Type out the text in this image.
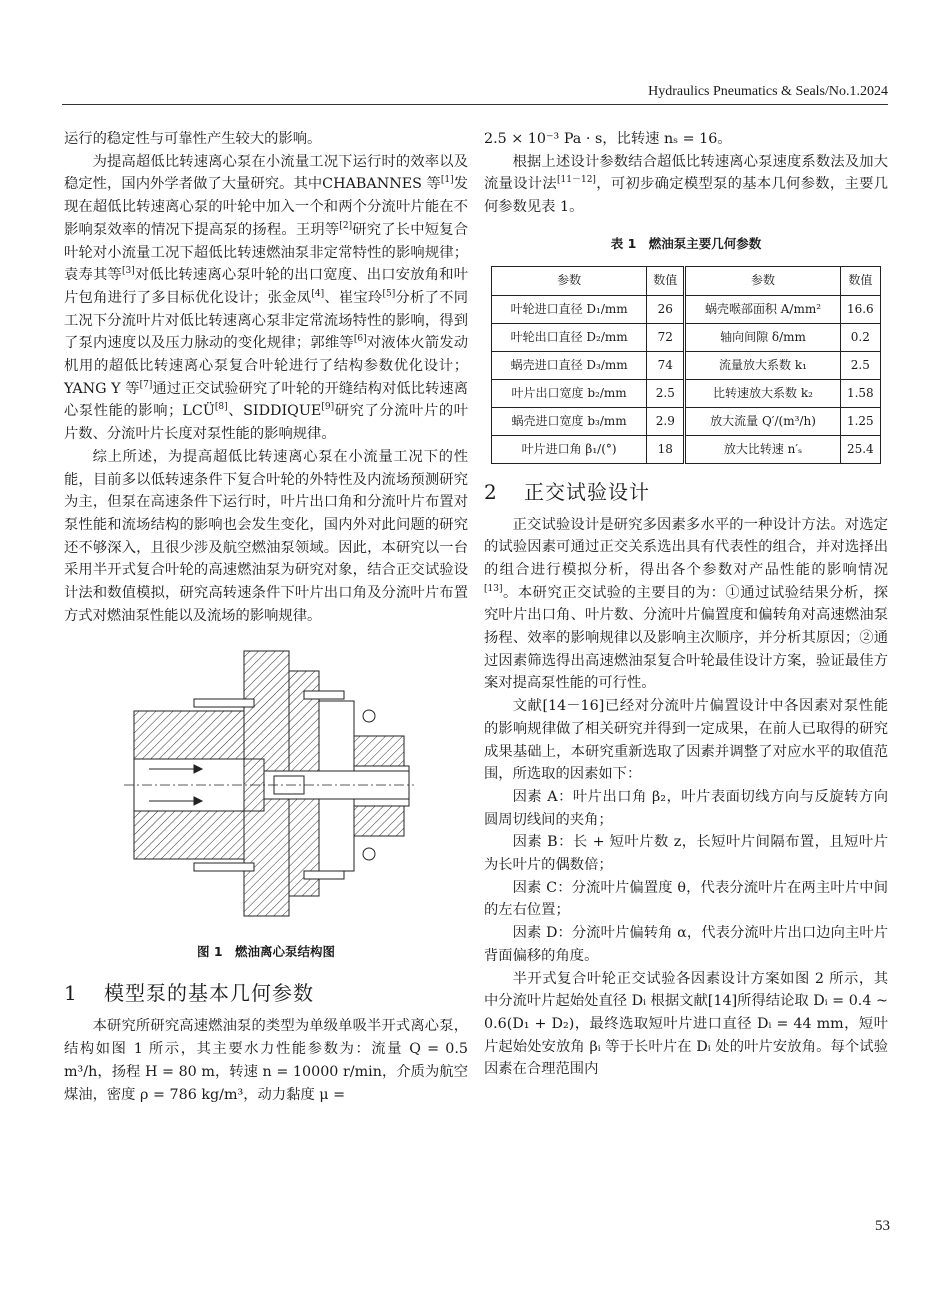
Hydraulics Pneumatics & Seals/No.1.2024

运行的稳定性与可靠性产生较大的影响。

为提高超低比转速离心泵在小流量工况下运行时的效率以及稳定性，国内外学者做了大量研究。其中CHABANNES 等[1]发现在超低比转速离心泵的叶轮中加入一个和两个分流叶片能在不影响泵效率的情况下提高泵的扬程。王玥等[2]研究了长中短复合叶轮对小流量工况下超低比转速燃油泵非定常特性的影响规律；袁寿其等[3]对低比转速离心泵叶轮的出口宽度、出口安放角和叶片包角进行了多目标优化设计；张金凤[4]、崔宝玲[5]分析了不同工况下分流叶片对低比转速离心泵非定常流场特性的影响，得到了泵内速度以及压力脉动的变化规律；郭维等[6]对液体火箭发动机用的超低比转速离心泵复合叶轮进行了结构参数优化设计；YANG Y 等[7]通过正交试验研究了叶轮的开缝结构对低比转速离心泵性能的影响；LCÜ[8]、SIDDIQUE[9]研究了分流叶片的叶片数、分流叶片长度对泵性能的影响规律。

综上所述，为提高超低比转速离心泵在小流量工况下的性能，目前多以低转速条件下复合叶轮的外特性及内流场预测研究为主，但泵在高速条件下运行时，叶片出口角和分流叶片布置对泵性能和流场结构的影响也会发生变化，国内外对此问题的研究还不够深入，且很少涉及航空燃油泵领域。因此，本研究以一台采用半开式复合叶轮的高速燃油泵为研究对象，结合正交试验设计法和数值模拟，研究高转速条件下叶片出口角及分流叶片布置方式对燃油泵性能以及流场的影响规律。

图 1　燃油离心泵结构图
1 模型泵的基本几何参数

本研究所研究高速燃油泵的类型为单级单吸半开式离心泵，结构如图 1 所示，其主要水力性能参数为：流量 Q = 0.5 m³/h，扬程 H = 80 m，转速 n = 10000 r/min，介质为航空煤油，密度 ρ = 786 kg/m³，动力黏度 μ =

2.5 × 10⁻³ Pa · s，比转速 nₛ = 16。

根据上述设计参数结合超低比转速离心泵速度系数法及加大流量设计法[11－12]，可初步确定模型泵的基本几何参数，主要几何参数见表 1。

表 1　燃油泵主要几何参数
参数	数值	参数	数值
叶轮进口直径 D₁/mm	26	蜗壳喉部面积 A/mm²	16.6
叶轮出口直径 D₂/mm	72	轴向间隙 δ/mm	0.2
蜗壳进口直径 D₃/mm	74	流量放大系数 k₁	2.5
叶片出口宽度 b₂/mm	2.5	比转速放大系数 k₂	1.58
蜗壳进口宽度 b₃/mm	2.9	放大流量 Q′/(m³/h)	1.25
叶片进口角 β₁/(°)	18	放大比转速 n′ₛ	25.4
2 正交试验设计

正交试验设计是研究多因素多水平的一种设计方法。对选定的试验因素可通过正交关系选出具有代表性的组合，并对选择出的组合进行模拟分析，得出各个参数对产品性能的影响情况[13]。本研究正交试验的主要目的为：①通过试验结果分析，探究叶片出口角、叶片数、分流叶片偏置度和偏转角对高速燃油泵扬程、效率的影响规律以及影响主次顺序，并分析其原因；②通过因素筛选得出高速燃油泵复合叶轮最佳设计方案，验证最佳方案对提高泵性能的可行性。

文献[14－16]已经对分流叶片偏置设计中各因素对泵性能的影响规律做了相关研究并得到一定成果，在前人已取得的研究成果基础上，本研究重新选取了因素并调整了对应水平的取值范围，所选取的因素如下：

因素 A：叶片出口角 β₂，叶片表面切线方向与反旋转方向圆周切线间的夹角；

因素 B：长 + 短叶片数 z，长短叶片间隔布置，且短叶片为长叶片的偶数倍；

因素 C：分流叶片偏置度 θ，代表分流叶片在两主叶片中间的左右位置；

因素 D：分流叶片偏转角 α，代表分流叶片出口边向主叶片背面偏移的角度。

半开式复合叶轮正交试验各因素设计方案如图 2 所示，其中分流叶片起始处直径 Dᵢ 根据文献[14]所得结论取 Dᵢ = 0.4 ~ 0.6(D₁ + D₂)，最终选取短叶片进口直径 Dᵢ = 44 mm，短叶片起始处安放角 βᵢ 等于长叶片在 Dᵢ 处的叶片安放角。每个试验因素在合理范围内

53
